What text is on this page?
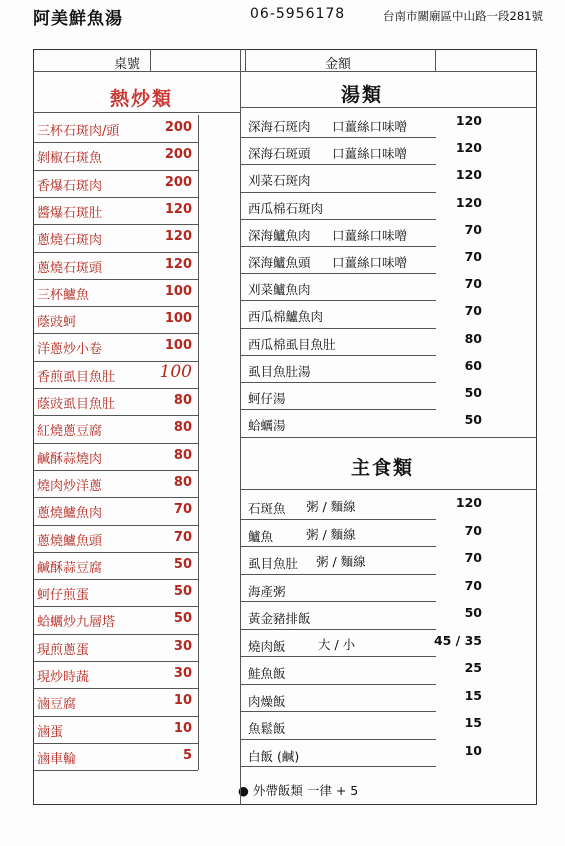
阿美鮮魚湯	06-5956178	台南市關廟區中山路一段281號
桌號	金額
熱炒類	湯類
主食類
● 外帶飯類 一律 + 5
三杯石斑肉/頭	200
剝椒石斑魚	200
香爆石斑肉	200
醬爆石斑肚	120
蔥燒石斑肉	120
蔥燒石斑頭	120
三杯鱸魚	100
蔭豉蚵	100
洋蔥炒小卷	100
香煎虱目魚肚	100
蔭豉虱目魚肚	80
紅燒蔥豆腐	80
鹹酥蒜燒肉	80
燒肉炒洋蔥	80
蔥燒鱸魚肉	70
蔥燒鱸魚頭	70
鹹酥蒜豆腐	50
蚵仔煎蛋	50
蛤蠣炒九層塔	50
現煎蔥蛋	30
現炒時蔬	30
滷豆腐	10
滷蛋	10
滷車輪	5
深海石斑肉 口薑絲口味噌	120
深海石斑頭 口薑絲口味噌	120
刈菜石斑肉	120
西瓜棉石斑肉	120
深海鱸魚肉 口薑絲口味噌	70
深海鱸魚頭 口薑絲口味噌	70
刈菜鱸魚肉	70
西瓜棉鱸魚肉	70
西瓜棉虱目魚肚	80
虱目魚肚湯	60
蚵仔湯	50
蛤蠣湯	50
石斑魚 粥 / 麵線	120
鱸魚	粥 / 麵線	70
虱目魚肚 粥 / 麵線	70
海產粥	70
黃金豬排飯	50
燒肉飯	大 / 小	45 / 35
鮭魚飯	25
肉燥飯	15
魚鬆飯	15
白飯 (鹹)	10
